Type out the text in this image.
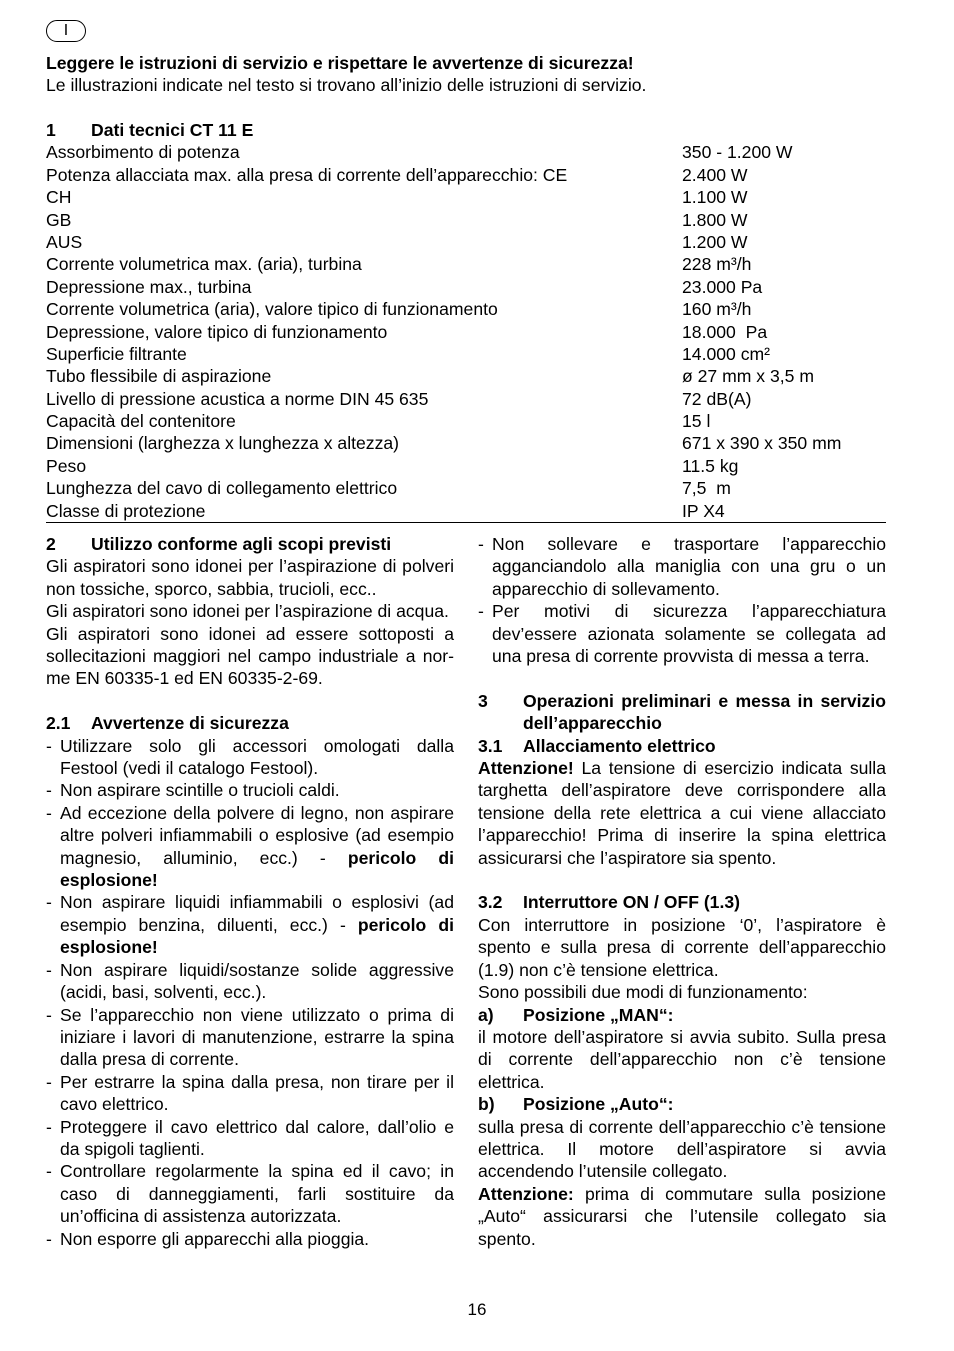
I
Leggere le istruzioni di servizio e rispettare le avvertenze di sicurezza!
Le illustrazioni indicate nel testo si trovano all’inizio delle istruzioni di servizio.
1 Dati tecnici CT 11 E
Assorbimento di potenza	350 - 1.200 W
Potenza allacciata max. alla presa di corrente dell’apparecchio: CE	2.400 W
CH	1.100 W
GB	1.800 W
AUS	1.200 W
Corrente volumetrica max. (aria), turbina	228 m³/h
Depressione max., turbina	23.000 Pa
Corrente volumetrica (aria), valore tipico di funzionamento	160 m³/h
Depressione, valore tipico di funzionamento	18.000  Pa
Superficie filtrante	14.000 cm²
Tubo flessibile di aspirazione	ø 27 mm x 3,5 m
Livello di pressione acustica a norme DIN 45 635	72 dB(A)
Capacità del contenitore	15 l
Dimensioni (larghezza x lunghezza x altezza)	671 x 390 x 350 mm
Peso	11.5 kg
Lunghezza del cavo di collegamento elettrico	7,5  m
Classe di protezione	IP X4
2	Utilizzo conforme agli scopi previsti

Gli aspiratori sono idonei per l’aspirazione di polveri non tossiche, sporco, sabbia, trucioli, ecc..

Gli aspiratori sono idonei per l’aspirazione di acqua.

Gli aspiratori sono idonei ad essere sottoposti a sollecitazioni maggiori nel campo industriale a nor-me EN 60335-1 ed EN 60335-2-69.

2.1	Avvertenze di sicurezza

- Utilizzare solo gli accessori omologati dalla Festool (vedi il catalogo Festool).

- Non aspirare scintille o trucioli caldi.

- Ad eccezione della polvere di legno, non aspirare altre polveri infiammabili o esplosive (ad esempio magnesio, alluminio, ecc.) - pericolo di esplosione!

- Non aspirare liquidi infiammabili o esplosivi (ad esempio benzina, diluenti, ecc.) - pericolo di esplosione!

- Non aspirare liquidi/sostanze solide aggressive (acidi, basi, solventi, ecc.).

- Se l’apparecchio non viene utilizzato o prima di iniziare i lavori di manutenzione, estrarre la spina dalla presa di corrente.

- Per estrarre la spina dalla presa, non tirare per il cavo elettrico.

- Proteggere il cavo elettrico dal calore, dall’olio e da spigoli taglienti.

- Controllare regolarmente la spina ed il cavo; in caso di danneggiamenti, farli sostituire da un’officina di assistenza autorizzata.

- Non esporre gli apparecchi alla pioggia.

- Non sollevare e trasportare l’apparecchio agganciandolo alla maniglia con una gru o un apparecchio di sollevamento.

- Per motivi di sicurezza l’apparecchiatura dev’essere azionata solamente se collegata ad una presa di corrente provvista di messa a terra.

3	Operazioni preliminari e messa in servizio dell’apparecchio
3.1	Allacciamento elettrico

Attenzione! La tensione di esercizio indicata sulla targhetta dell’aspiratore deve corrispondere alla tensione della rete elettrica a cui viene allacciato l’apparecchio! Prima di inserire la spina elettrica assicurarsi che l’aspiratore sia spento.

3.2	Interruttore ON / OFF (1.3)

Con interruttore in posizione ‘0’, l’aspiratore è spento e sulla presa di corrente dell’apparecchio (1.9) non c’è tensione elettrica.

Sono possibili due modi di funzionamento:

a)	Posizione „MAN“:

il motore dell’aspiratore si avvia subito. Sulla presa di corrente dell’apparecchio non c’è tensione elettrica.

b)	Posizione „Auto“:

sulla presa di corrente dell’apparecchio c’è tensione elettrica. Il motore dell’aspiratore si avvia accendendo l’utensile collegato.

Attenzione: prima di commutare sulla posizione „Auto“ assicurarsi che l’utensile collegato sia spento.

16
